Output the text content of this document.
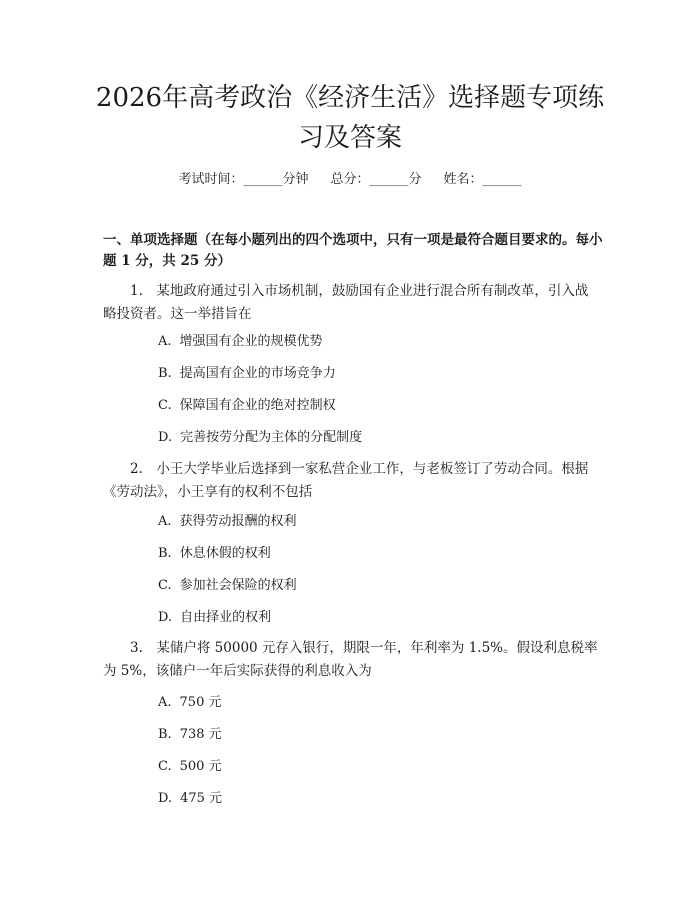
2026年高考政治《经济生活》选择题专项练习及答案
考试时间：______分钟 总分：______分 姓名：______
一、单项选择题（在每小题列出的四个选项中，只有一项是最符合题目要求的。每小题 1 分，共 25 分）
1.　某地政府通过引入市场机制，鼓励国有企业进行混合所有制改革，引入战略投资者。这一举措旨在
A. 增强国有企业的规模优势
B. 提高国有企业的市场竞争力
C. 保障国有企业的绝对控制权
D. 完善按劳分配为主体的分配制度
2.　小王大学毕业后选择到一家私营企业工作，与老板签订了劳动合同。根据《劳动法》，小王享有的权利不包括
A. 获得劳动报酬的权利
B. 休息休假的权利
C. 参加社会保险的权利
D. 自由择业的权利
3.　某储户将 50000 元存入银行，期限一年，年利率为 1.5%。假设利息税率为 5%，该储户一年后实际获得的利息收入为
A. 750 元
B. 738 元
C. 500 元
D. 475 元
